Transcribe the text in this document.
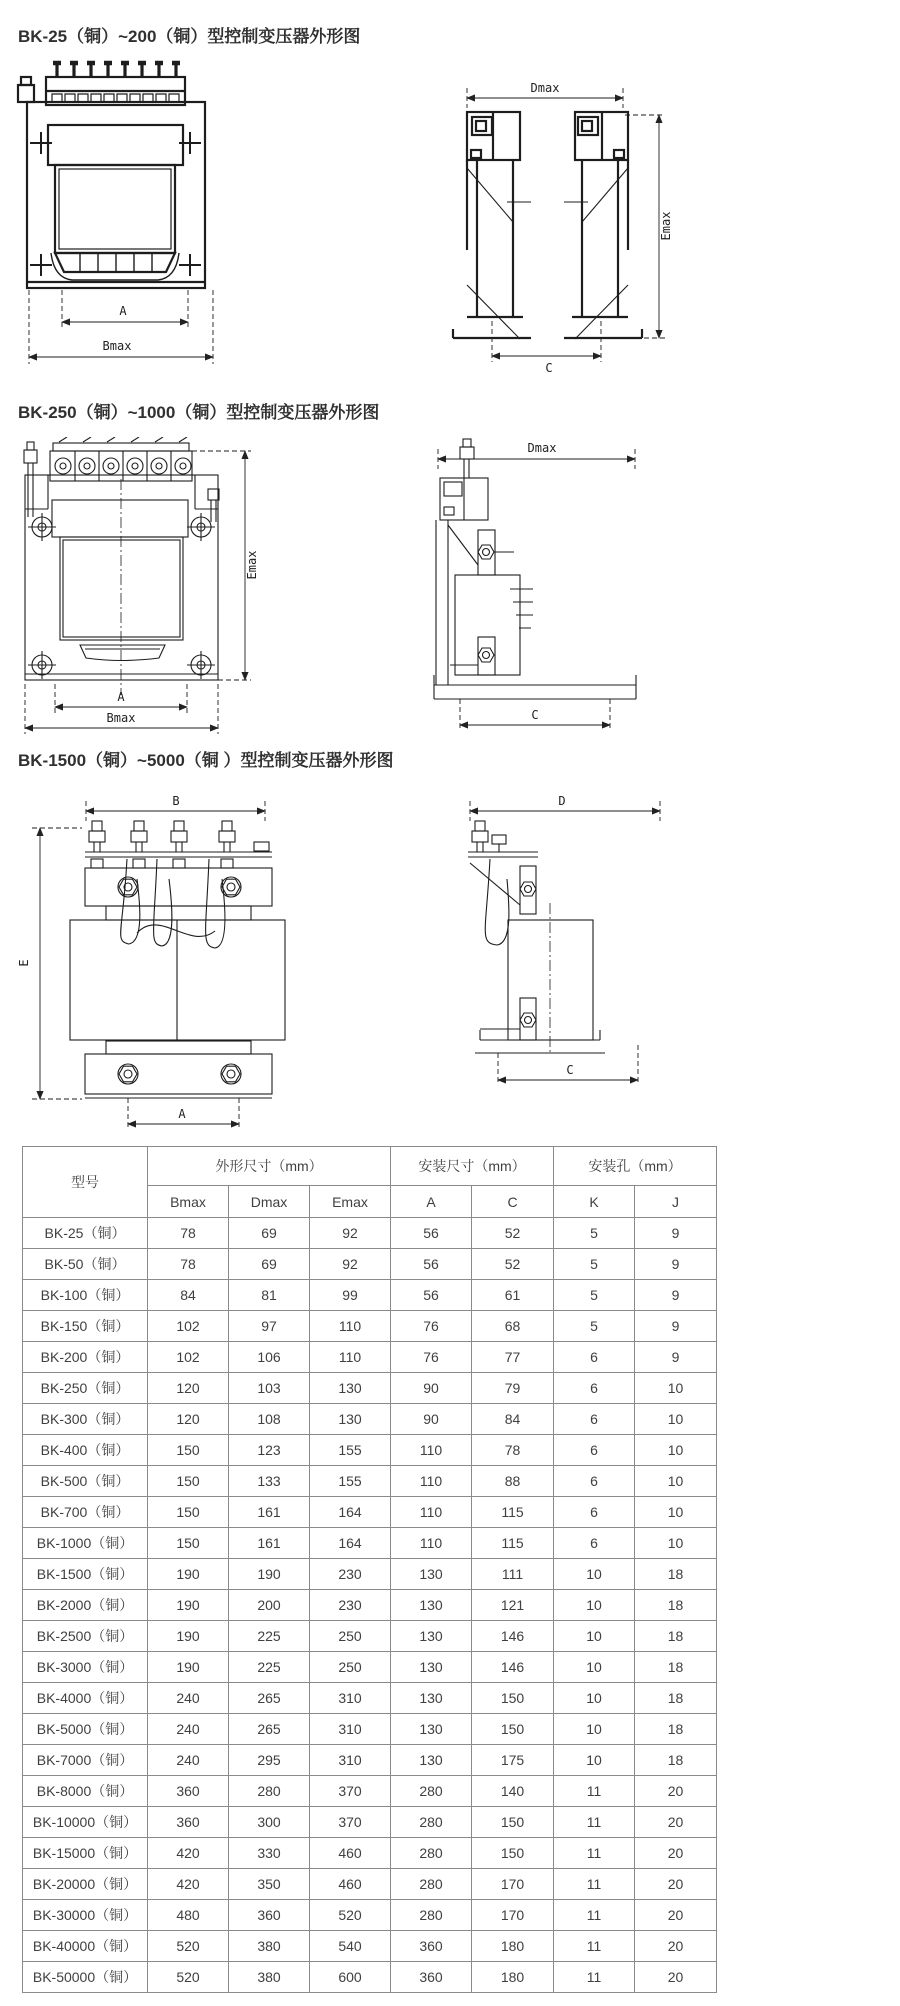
BK-25（铜）~200（铜）型控制变压器外形图
A
Bmax
Dmax
Emax
C
BK-250（铜）~1000（铜）型控制变压器外形图
Emax
A
Bmax
Dmax
C
BK-1500（铜）~5000（铜 ）型控制变压器外形图
B
E
A
D
C
型号	外形尺寸（mm）			安装尺寸（mm）		安装孔（mm）	
	Bmax	Dmax	Emax	A	C	K	J
BK-25（铜）	78	69	92	56	52	5	9
BK-50（铜）	78	69	92	56	52	5	9
BK-100（铜）	84	81	99	56	61	5	9
BK-150（铜）	102	97	110	76	68	5	9
BK-200（铜）	102	106	110	76	77	6	9
BK-250（铜）	120	103	130	90	79	6	10
BK-300（铜）	120	108	130	90	84	6	10
BK-400（铜）	150	123	155	110	78	6	10
BK-500（铜）	150	133	155	110	88	6	10
BK-700（铜）	150	161	164	110	115	6	10
BK-1000（铜）	150	161	164	110	115	6	10
BK-1500（铜）	190	190	230	130	111	10	18
BK-2000（铜）	190	200	230	130	121	10	18
BK-2500（铜）	190	225	250	130	146	10	18
BK-3000（铜）	190	225	250	130	146	10	18
BK-4000（铜）	240	265	310	130	150	10	18
BK-5000（铜）	240	265	310	130	150	10	18
BK-7000（铜）	240	295	310	130	175	10	18
BK-8000（铜）	360	280	370	280	140	11	20
BK-10000（铜）	360	300	370	280	150	11	20
BK-15000（铜）	420	330	460	280	150	11	20
BK-20000（铜）	420	350	460	280	170	11	20
BK-30000（铜）	480	360	520	280	170	11	20
BK-40000（铜）	520	380	540	360	180	11	20
BK-50000（铜）	520	380	600	360	180	11	20
